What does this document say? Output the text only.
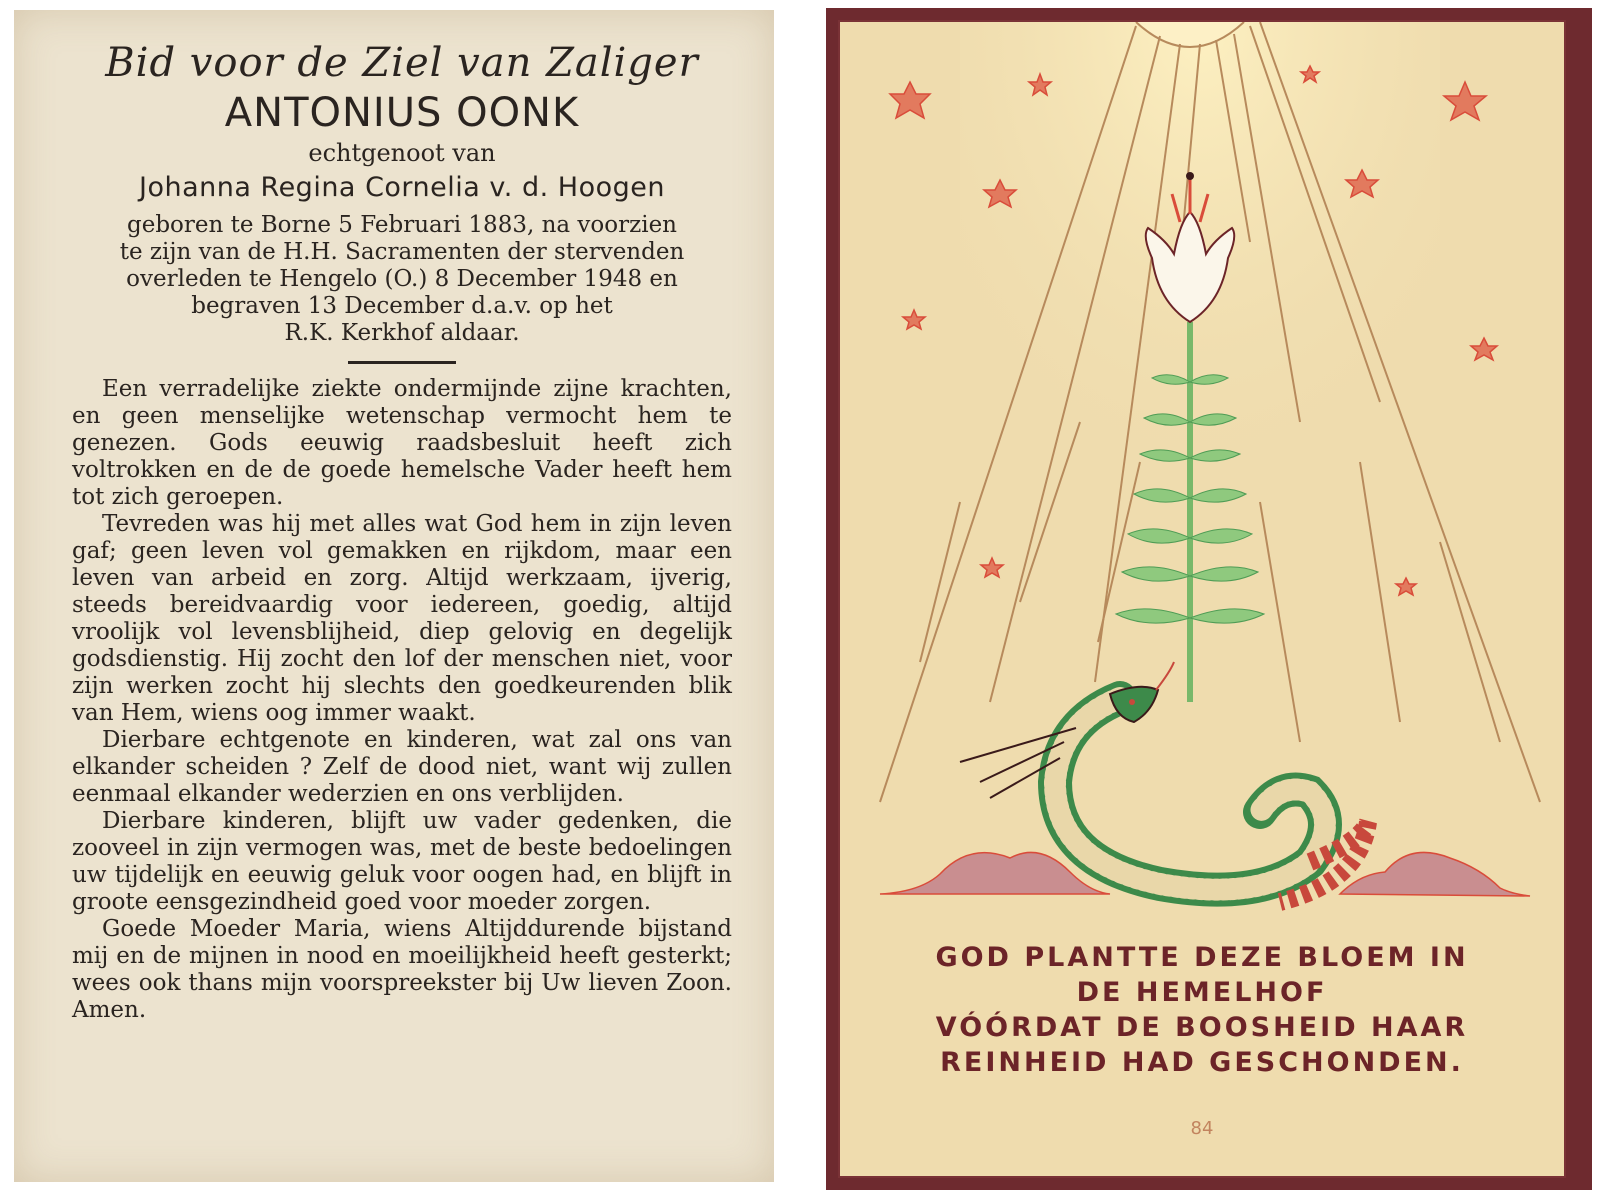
Bid voor de Ziel van Zaliger

ANTONIUS OONK

echtgenoot van

Johanna Regina Cornelia v. d. Hoogen

geboren te Borne 5 Februari 1883, na voorzien
te zijn van de H.H. Sacramenten der stervenden
overleden te Hengelo (O.) 8 December 1948 en
begraven 13 December d.a.v. op het
R.K. Kerkhof aldaar.

Een verradelijke ziekte ondermijnde zijne krachten, en geen menselijke wetenschap vermocht hem te genezen. Gods eeuwig raadsbesluit heeft zich voltrokken en de de goede hemelsche Vader heeft hem tot zich geroepen.

Tevreden was hij met alles wat God hem in zijn leven gaf; geen leven vol gemakken en rijkdom, maar een leven van arbeid en zorg. Altijd werkzaam, ijverig, steeds bereidvaardig voor iedereen, goedig, altijd vroolijk vol levensblijheid, diep gelovig en degelijk godsdienstig. Hij zocht den lof der menschen niet, voor zijn werken zocht hij slechts den goedkeurenden blik van Hem, wiens oog immer waakt.

Dierbare echtgenote en kinderen, wat zal ons van elkander scheiden ? Zelf de dood niet, want wij zullen eenmaal elkander wederzien en ons verblijden.

Dierbare kinderen, blijft uw vader gedenken, die zooveel in zijn vermogen was, met de beste bedoelingen uw tijdelijk en eeuwig geluk voor oogen had, en blijft in groote eensgezindheid goed voor moeder zorgen.

Goede Moeder Maria, wiens Altijddurende bijstand mij en de mijnen in nood en moeilijkheid heeft gesterkt; wees ook thans mijn voorspreekster bij Uw lieven Zoon. Amen.

GOD PLANTTE DEZE BLOEM IN
DE HEMELHOF
VÓÓRDAT DE BOOSHEID HAAR
REINHEID HAD GESCHONDEN.
84
